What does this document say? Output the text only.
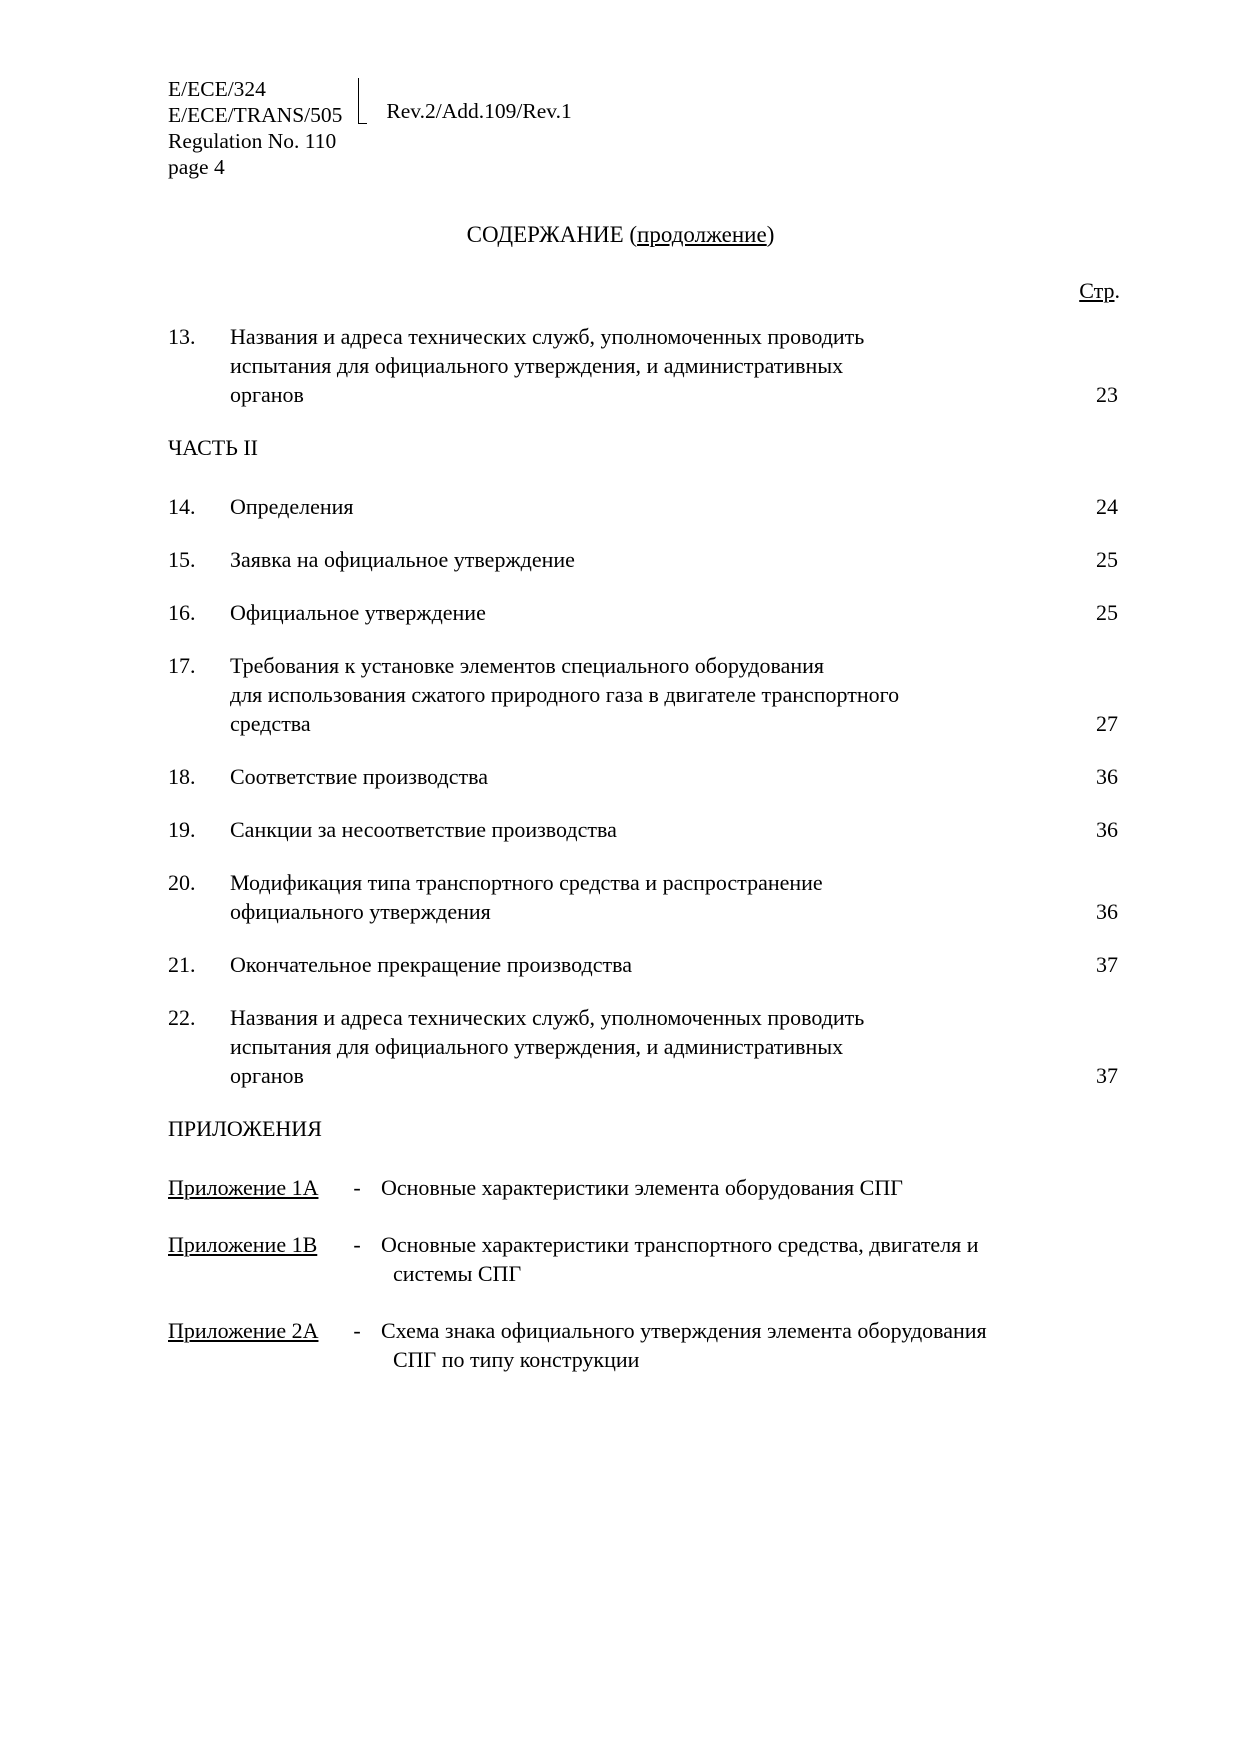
E/ECE/324
E/ECE/TRANS/505 Rev.2/Add.109/Rev.1
Regulation No. 110
page 4
СОДЕРЖАНИЕ (продолжение)
Стр.
13.	Названия и адреса технических служб, уполномоченных проводить
испытания для официального утверждения, и административных
органов	23
ЧАСТЬ II
14.	Определения	24
15.	Заявка на официальное утверждение	25
16.	Официальное утверждение	25
17.	Требования к установке элементов специального оборудования
для использования сжатого природного газа в двигателе транспортного
средства	27
18.	Соответствие производства	36
19.	Санкции за несоответствие производства	36
20.	Модификация типа транспортного средства и распространение
официального утверждения	36
21.	Окончательное прекращение производства	37
22.	Названия и адреса технических служб, уполномоченных проводить
испытания для официального утверждения, и административных
органов	37
ПРИЛОЖЕНИЯ
Приложение 1А	- Основные характеристики элемента оборудования СПГ
Приложение 1В	- Основные характеристики транспортного средства, двигателя и
системы СПГ
Приложение 2А	- Схема знака официального утверждения элемента оборудования
СПГ по типу конструкции
